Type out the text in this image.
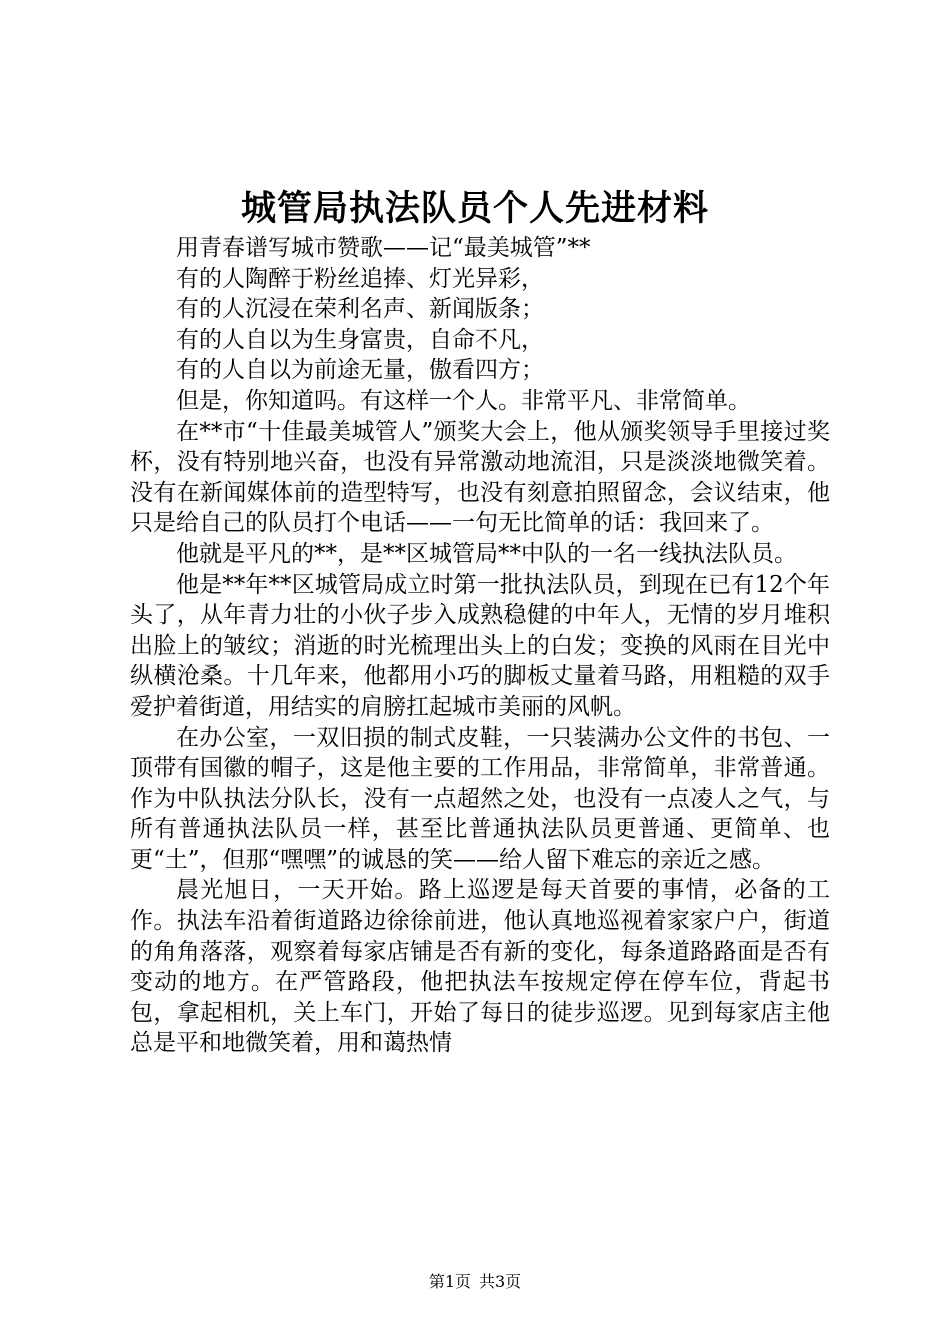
城管局执法队员个人先进材料

用青春谱写城市赞歌——记“最美城管”**

有的人陶醉于粉丝追捧、灯光异彩，

有的人沉浸在荣利名声、新闻版条；

有的人自以为生身富贵，自命不凡，

有的人自以为前途无量，傲看四方；

但是，你知道吗。有这样一个人。非常平凡、非常简单。

在**市“十佳最美城管人”颁奖大会上，他从颁奖领导手里接过奖杯，没有特别地兴奋，也没有异常激动地流泪，只是淡淡地微笑着。没有在新闻媒体前的造型特写，也没有刻意拍照留念，会议结束，他只是给自己的队员打个电话——一句无比简单的话：我回来了。

他就是平凡的**，是**区城管局**中队的一名一线执法队员。

他是**年**区城管局成立时第一批执法队员，到现在已有12个年头了，从年青力壮的小伙子步入成熟稳健的中年人，无情的岁月堆积出脸上的皱纹；消逝的时光梳理出头上的白发；变换的风雨在目光中纵横沧桑。十几年来，他都用小巧的脚板丈量着马路，用粗糙的双手爱护着街道，用结实的肩膀扛起城市美丽的风帆。

在办公室，一双旧损的制式皮鞋，一只装满办公文件的书包、一顶带有国徽的帽子，这是他主要的工作用品，非常简单，非常普通。作为中队执法分队长，没有一点超然之处，也没有一点凌人之气，与所有普通执法队员一样，甚至比普通执法队员更普通、更简单、也更“土”，但那“嘿嘿”的诚恳的笑——给人留下难忘的亲近之感。

晨光旭日，一天开始。路上巡逻是每天首要的事情，必备的工作。执法车沿着街道路边徐徐前进，他认真地巡视着家家户户，街道的角角落落，观察着每家店铺是否有新的变化，每条道路路面是否有变动的地方。在严管路段，他把执法车按规定停在停车位，背起书包，拿起相机，关上车门，开始了每日的徒步巡逻。见到每家店主他总是平和地微笑着，用和蔼热情

第1页 共3页
